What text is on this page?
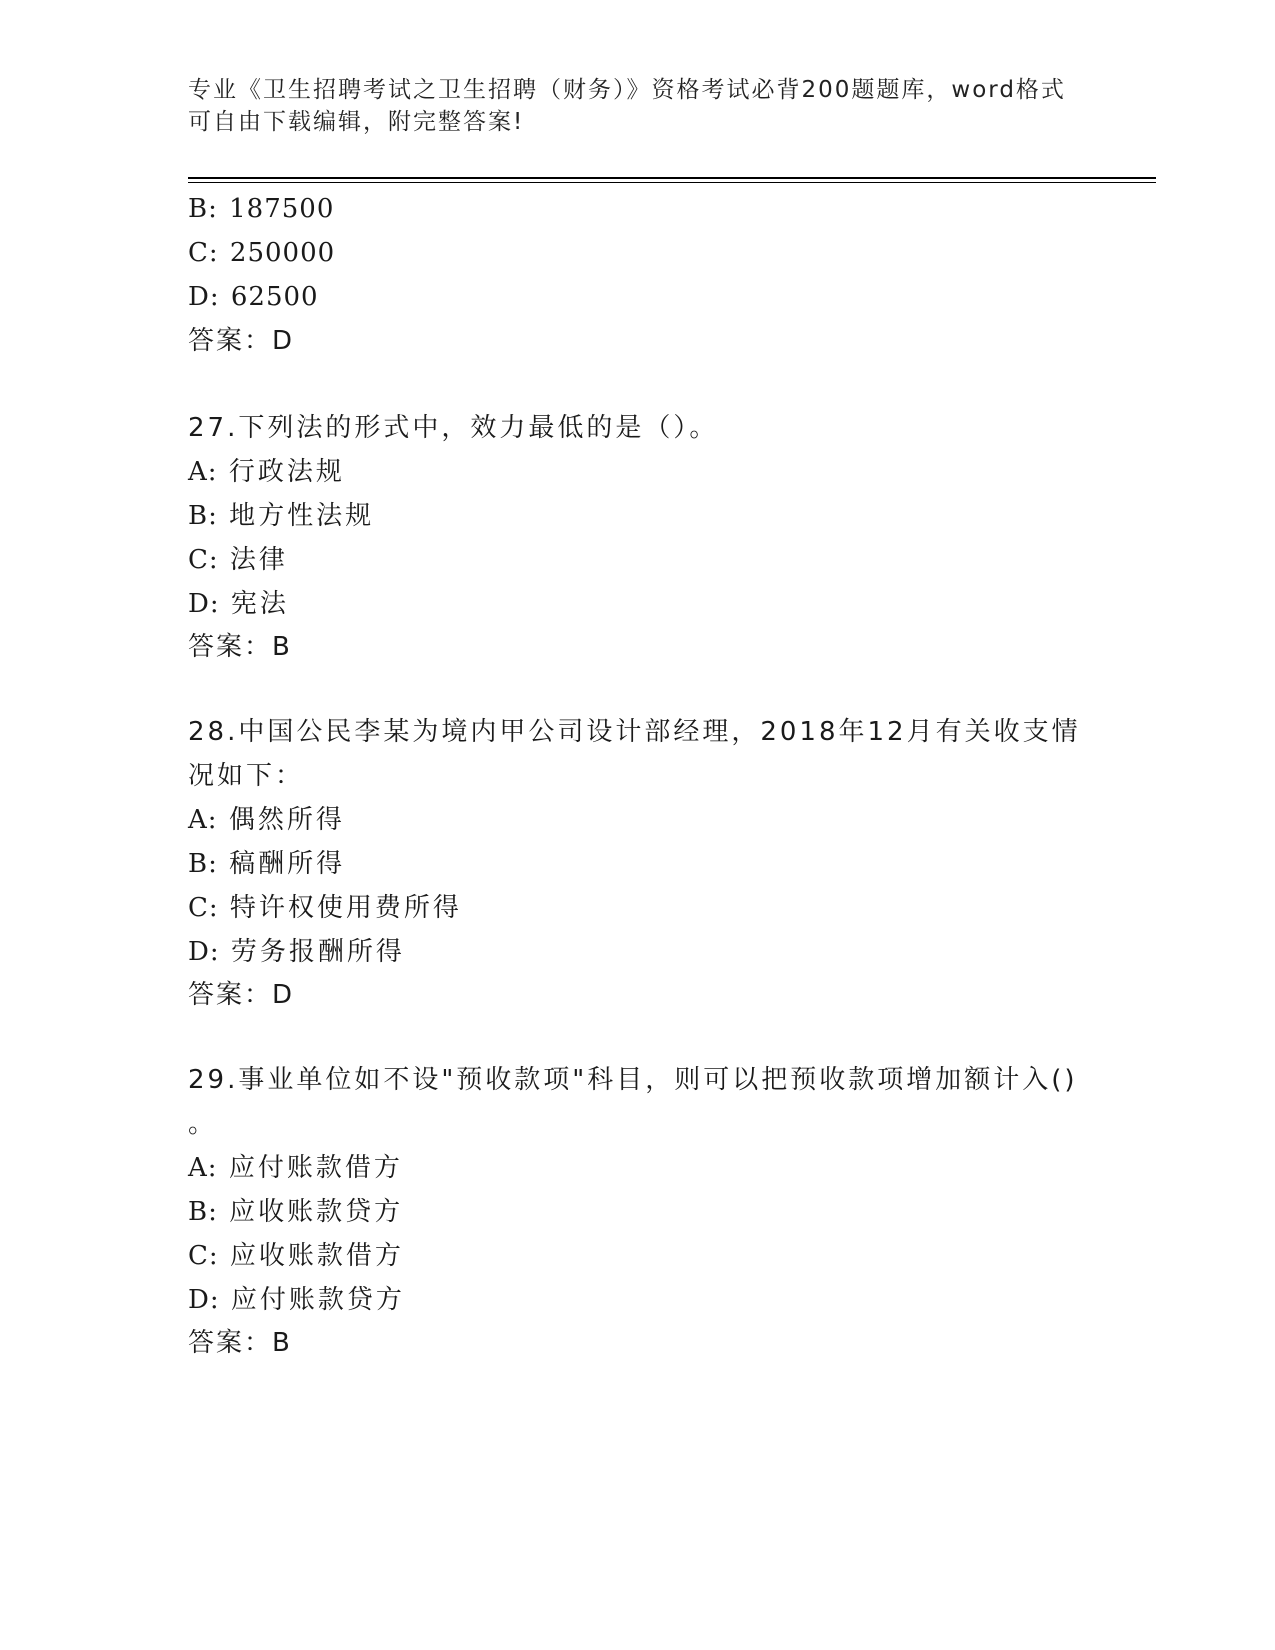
专业《卫生招聘考试之卫生招聘（财务）》资格考试必背200题题库，word格式
可自由下载编辑，附完整答案!
B: 187500
C: 250000
D: 62500
答案：D
27.下列法的形式中，效力最低的是（）。
A: 行政法规
B: 地方性法规
C: 法律
D: 宪法
答案：B
28.中国公民李某为境内甲公司设计部经理，2018年12月有关收支情
况如下：
A: 偶然所得
B: 稿酬所得
C: 特许权使用费所得
D: 劳务报酬所得
答案：D
29.事业单位如不设"预收款项"科目，则可以把预收款项增加额计入()
。
A: 应付账款借方
B: 应收账款贷方
C: 应收账款借方
D: 应付账款贷方
答案：B
